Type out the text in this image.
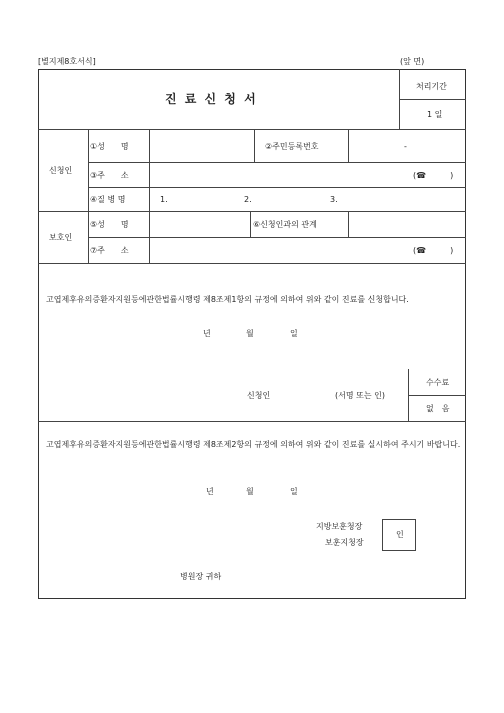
[별지제8호서식]	(앞 면)
진 료 신 청 서
처리기간
1 일
신청인
①성　　명	②주민등록번호	-
③주　　소	(☎　　　)
④질 병 명	1.	2.	3.
보호인
⑤성　　명	⑥신청인과의 관계
⑦주　　소	(☎　　　)
고엽제후유의증환자지원등에관한법률시행령 제8조제1항의 규정에 의하여 위와 같이 진료를 신청합니다.
년	월	일
신청인	(서명 또는 인)
수수료
없　음
고엽제후유의증환자지원등에관한법률시행령 제8조제2항의 규정에 의하여 위와 같이 진료를 실시하여 주시기 바랍니다.
년	월	일
지방보훈청장
보훈지청장
인
병원장 귀하
